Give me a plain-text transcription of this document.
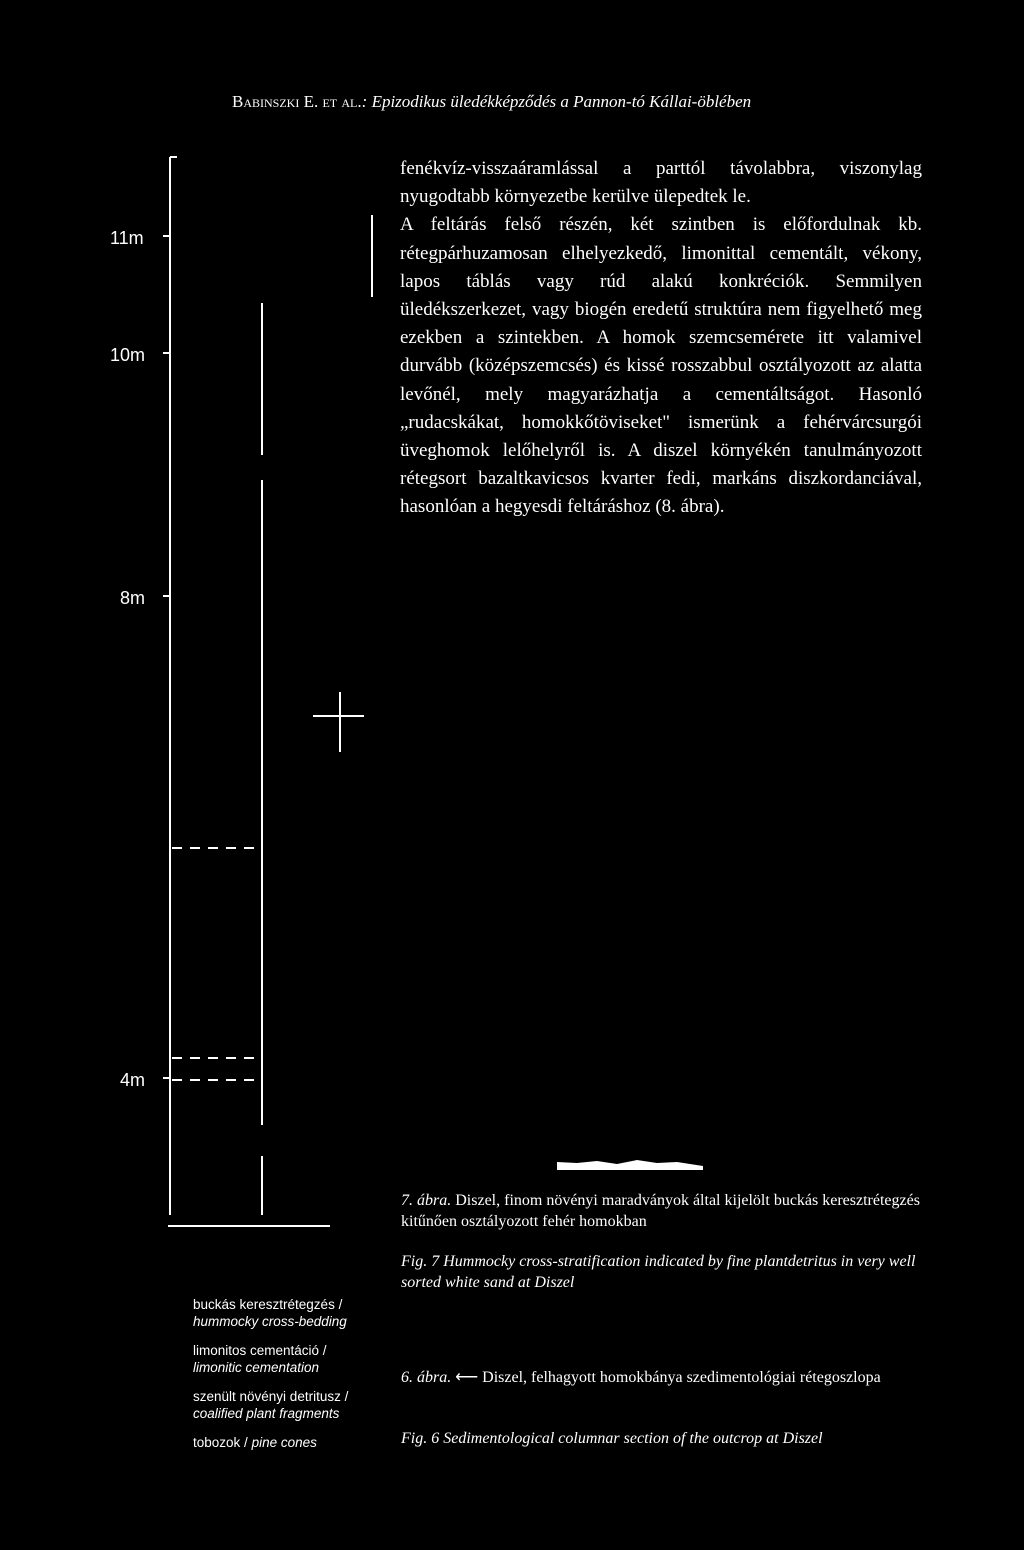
Babinszki E. et al.: Epizodikus üledékképződés a Pannon-tó Kállai-öblében
11m
10m
8m
4m

fenékvíz-visszaáramlással a parttól távolabbra, viszonylag nyugodtabb környezetbe kerülve ülepedtek le.

A feltárás felső részén, két szintben is előfordulnak kb. rétegpárhuzamosan elhelyezkedő, limonittal cementált, vékony, lapos táblás vagy rúd alakú konkréciók. Semmilyen üledékszerkezet, vagy biogén eredetű struktúra nem figyelhető meg ezekben a szintekben. A homok szemcsemérete itt valamivel durvább (középszemcsés) és kissé rosszabbul osztályozott az alatta levőnél, mely magyarázhatja a cementáltságot. Hasonló „rudacskákat, homokkőtöviseket" ismerünk a fehérvárcsurgói üveghomok lelőhelyről is. A diszel környékén tanulmányozott rétegsort bazaltkavicsos kvarter fedi, markáns diszkordanciával, hasonlóan a hegyesdi feltáráshoz (8. ábra).

buckás keresztrétegzés /
hummocky cross-bedding
limonitos cementáció /
limonitic cementation
szenült növényi detritusz /
coalified plant fragments
tobozok / pine cones
7. ábra. Diszel, finom növényi maradványok által kijelölt buckás keresztrétegzés kitűnően osztályozott fehér homokban
Fig. 7 Hummocky cross-stratification indicated by fine plantdetritus in very well sorted white sand at Diszel
6. ábra. ⟵ Diszel, felhagyott homokbánya szedimentológiai rétegoszlopa
Fig. 6 Sedimentological columnar section of the outcrop at Diszel
